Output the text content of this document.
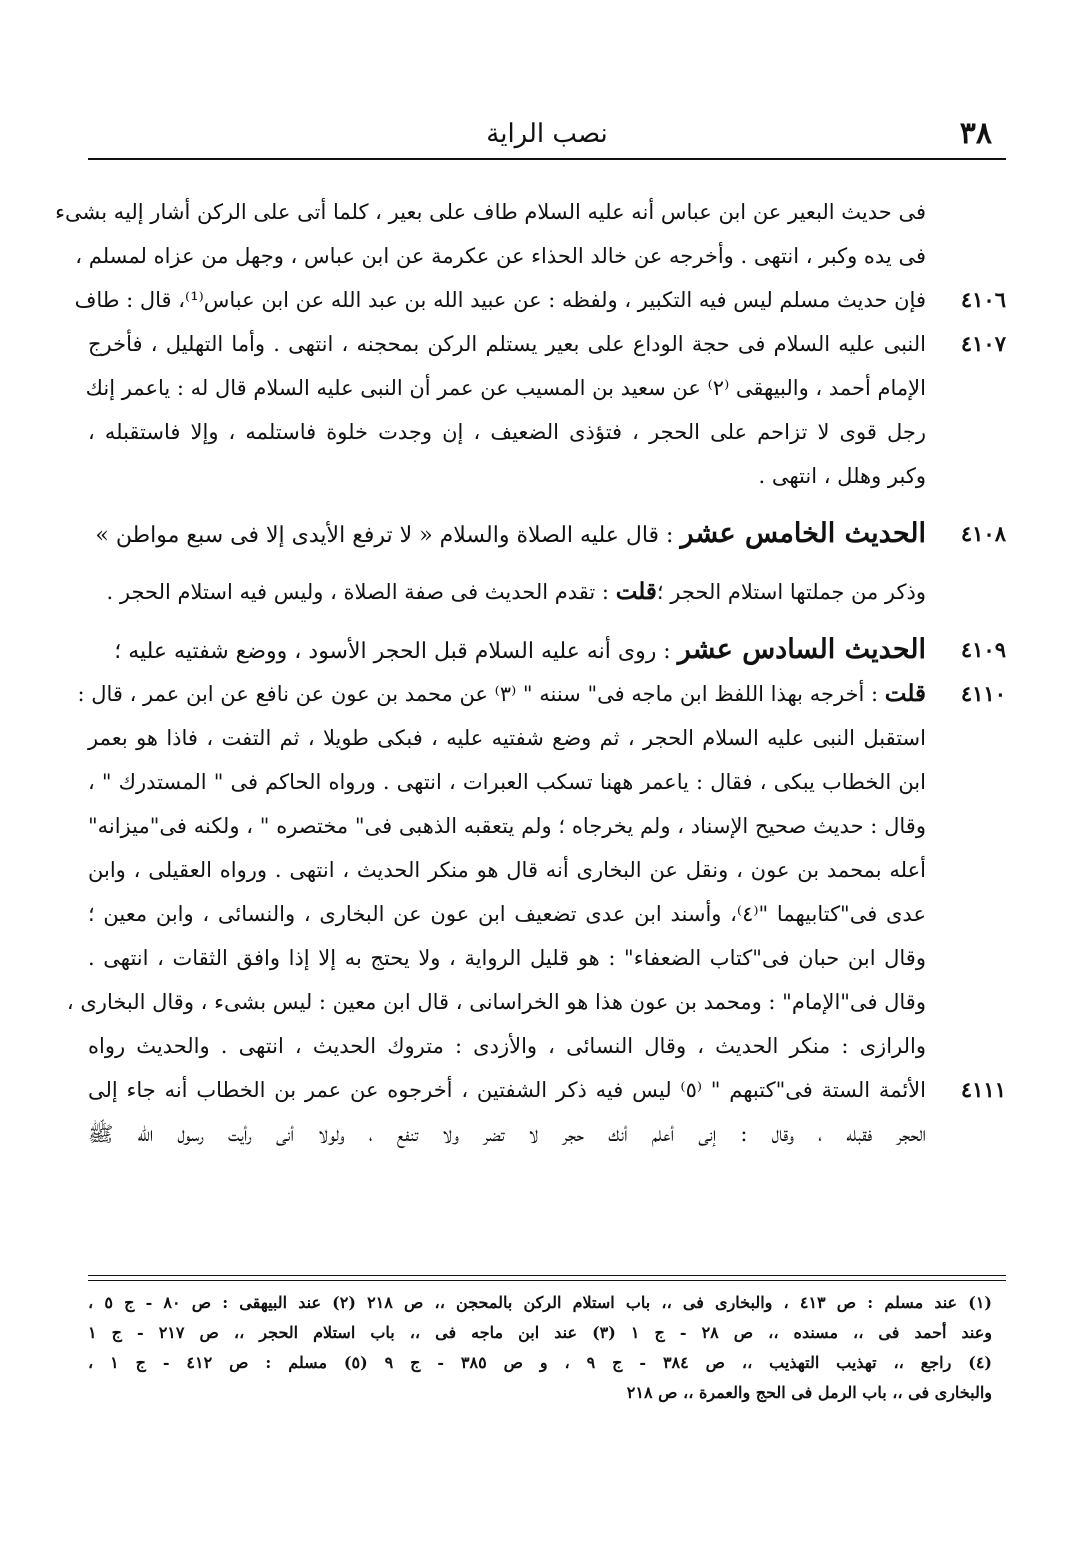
٣٨
نصب الراية
فى حديث البعير عن ابن عباس أنه عليه السلام طاف على بعير ، كلما أتى على الركن أشار إليه بشىء
فى يده وكبر ، انتهى . وأخرجه عن خالد الحذاء عن عكرمة عن ابن عباس ، وجهل من عزاه لمسلم ،
٤١٠٦
فإن حديث مسلم ليس فيه التكبير ، ولفظه : عن عبيد الله بن عبد الله عن ابن عباس⁽¹⁾، قال : طاف
٤١٠٧
النبى عليه السلام فى حجة الوداع على بعير يستلم الركن بمحجنه ، انتهى . وأما التهليل ، فأخرج
الإمام أحمد ، والبيهقى ⁽٢⁾ عن سعيد بن المسيب عن عمر أن النبى عليه السلام قال له : ياعمر إنك
رجل قوى لا تزاحم على الحجر ، فتؤذى الضعيف ، إن وجدت خلوة فاستلمه ، وإلا فاستقبله ،
وكبر وهلل ، انتهى .
٤١٠٨
الحديث الخامس عشر : قال عليه الصلاة والسلام « لا ترفع الأيدى إلا فى سبع مواطن »
وذكر من جملتها استلام الحجر ؛قلت : تقدم الحديث فى صفة الصلاة ، وليس فيه استلام الحجر .
٤١٠٩
الحديث السادس عشر : روى أنه عليه السلام قبل الحجر الأسود ، ووضع شفتيه عليه ؛
٤١١٠
قلت : أخرجه بهذا اللفظ ابن ماجه فى" سننه " ⁽٣⁾ عن محمد بن عون عن نافع عن ابن عمر ، قال :
استقبل النبى عليه السلام الحجر ، ثم وضع شفتيه عليه ، فبكى طويلا ، ثم التفت ، فاذا هو بعمر
ابن الخطاب يبكى ، فقال : ياعمر ههنا تسكب العبرات ، انتهى . ورواه الحاكم فى " المستدرك " ،
وقال : حديث صحيح الإسناد ، ولم يخرجاه ؛ ولم يتعقبه الذهبى فى" مختصره " ، ولكنه فى"ميزانه"
أعله بمحمد بن عون ، ونقل عن البخارى أنه قال هو منكر الحديث ، انتهى . ورواه العقيلى ، وابن
عدى فى"كتابيهما "⁽٤⁾، وأسند ابن عدى تضعيف ابن عون عن البخارى ، والنسائى ، وابن معين ؛
وقال ابن حبان فى"كتاب الضعفاء" : هو قليل الرواية ، ولا يحتج به إلا إذا وافق الثقات ، انتهى .
وقال فى"الإمام" : ومحمد بن عون هذا هو الخراسانى ، قال ابن معين : ليس بشىء ، وقال البخارى ،
والرازى : منكر الحديث ، وقال النسائى ، والأزدى : متروك الحديث ، انتهى . والحديث رواه
٤١١١
الأئمة الستة فى"كتبهم " ⁽٥⁾ ليس فيه ذكر الشفتين ، أخرجوه عن عمر بن الخطاب أنه جاء إلى
الحجر فقبله ، وقال : إنى أعلم أنك حجر لا تضر ولا تنفع ، ولولا أنى رأيت رسول الله ﷺ
(١) عند مسلم : ص ٤١٣ ، والبخارى فى ،، باب استلام الركن بالمحجن ،، ص ٢١٨ (٢) عند البيهقى : ص ٨٠ - ج ٥ ،
وعند أحمد فى ،، مسنده ،، ص ٢٨ - ج ١ (٣) عند ابن ماجه فى ،، باب استلام الحجر ،، ص ٢١٧ - ج ١
(٤) راجع ،، تهذيب التهذيب ،، ص ٣٨٤ - ج ٩ ، و ص ٣٨٥ - ج ٩ (٥) مسلم : ص ٤١٢ - ج ١ ،
والبخارى فى ،، باب الرمل فى الحج والعمرة ،، ص ٢١٨
